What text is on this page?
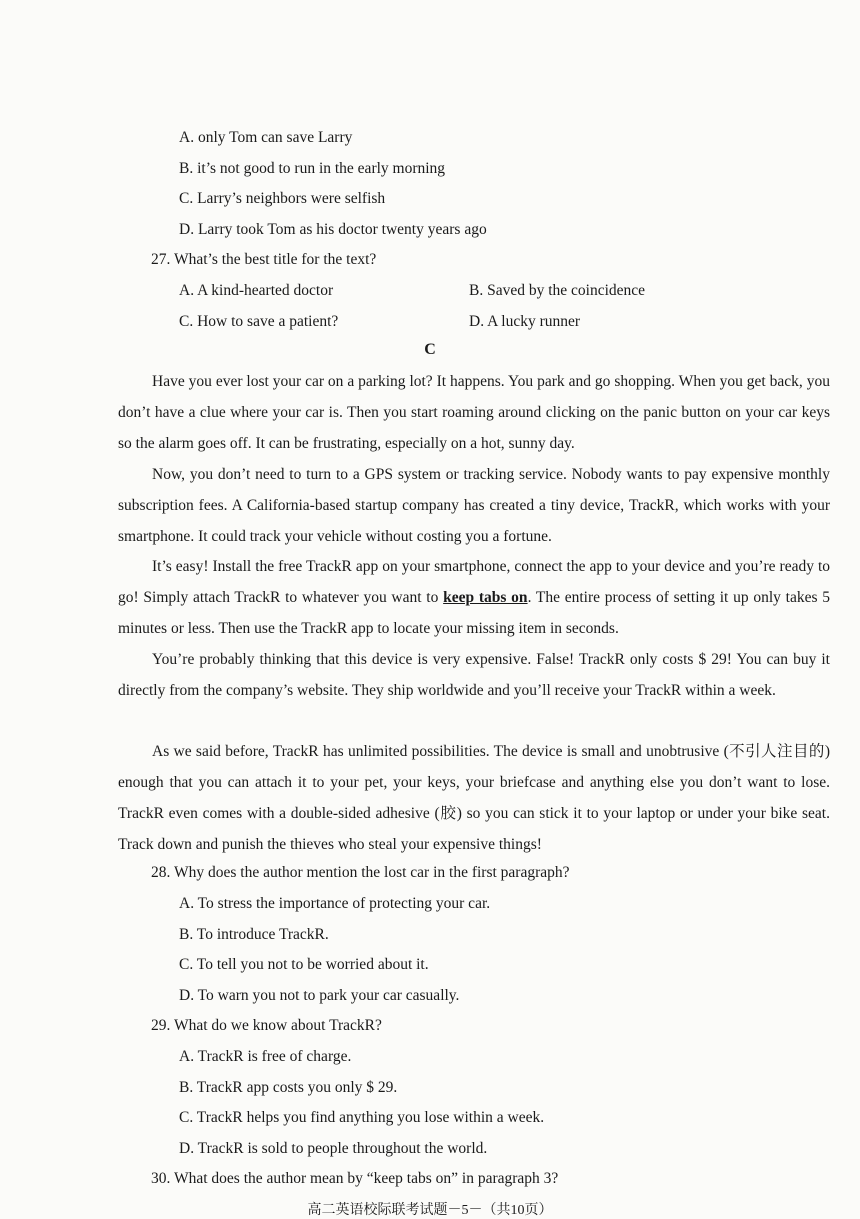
A. only Tom can save Larry
B. it’s not good to run in the early morning
C. Larry’s neighbors were selfish
D. Larry took Tom as his doctor twenty years ago
27. What’s the best title for the text?
A. A kind-hearted doctor	B. Saved by the coincidence
C. How to save a patient?	D. A lucky runner
C
Have you ever lost your car on a parking lot? It happens. You park and go shopping. When you get back, you don’t have a clue where your car is. Then you start roaming around clicking on the panic button on your car keys so the alarm goes off. It can be frustrating, especially on a hot, sunny day.
Now, you don’t need to turn to a GPS system or tracking service. Nobody wants to pay expensive monthly subscription fees. A California-based startup company has created a tiny device, TrackR, which works with your smartphone. It could track your vehicle without costing you a fortune.
It’s easy! Install the free TrackR app on your smartphone, connect the app to your device and you’re ready to go! Simply attach TrackR to whatever you want to keep tabs on. The entire process of setting it up only takes 5 minutes or less. Then use the TrackR app to locate your missing item in seconds.
You’re probably thinking that this device is very expensive. False! TrackR only costs $ 29! You can buy it directly from the company’s website. They ship worldwide and you’ll receive your TrackR within a week.
As we said before, TrackR has unlimited possibilities. The device is small and unobtrusive (不引人注目的) enough that you can attach it to your pet, your keys, your briefcase and anything else you don’t want to lose. TrackR even comes with a double-sided adhesive (胶) so you can stick it to your laptop or under your bike seat. Track down and punish the thieves who steal your expensive things!
28. Why does the author mention the lost car in the first paragraph?
A. To stress the importance of protecting your car.
B. To introduce TrackR.
C. To tell you not to be worried about it.
D. To warn you not to park your car casually.
29. What do we know about TrackR?
A. TrackR is free of charge.
B. TrackR app costs you only $ 29.
C. TrackR helps you find anything you lose within a week.
D. TrackR is sold to people throughout the world.
30. What does the author mean by “keep tabs on” in paragraph 3?
高二英语校际联考试题－5－（共10页）
